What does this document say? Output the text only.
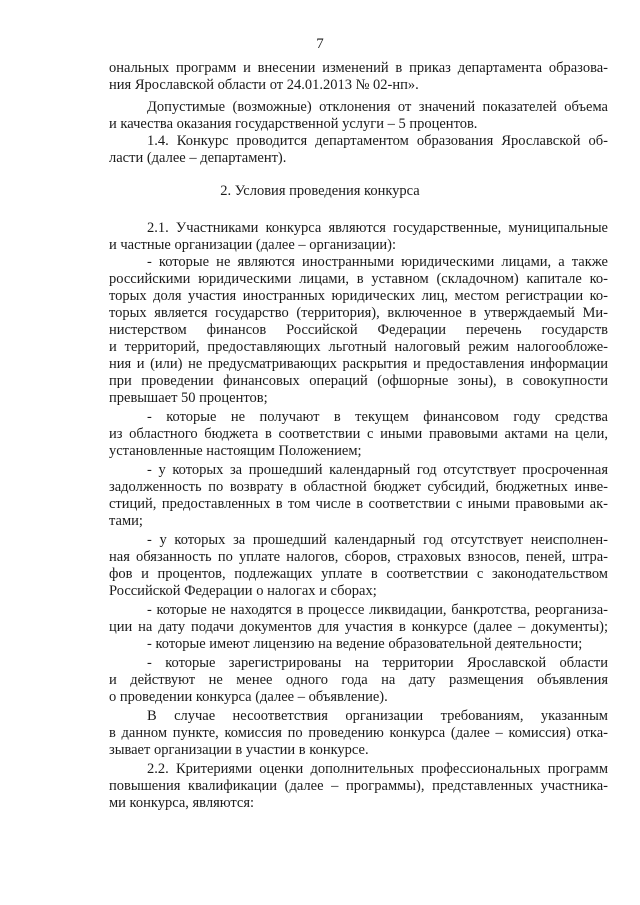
7
ональных программ и внесении изменений в приказ департамента образова-
ния Ярославской области от 24.01.2013 № 02-нп».
Допустимые (возможные) отклонения от значений показателей объема
и качества оказания государственной услуги – 5 процентов.
1.4. Конкурс проводится департаментом образования Ярославской об-
ласти (далее – департамент).
2. Условия проведения конкурса
2.1. Участниками конкурса являются государственные, муниципальные
и частные организации (далее – организации):
- которые не являются иностранными юридическими лицами, а также
российскими юридическими лицами, в уставном (складочном) капитале ко-
торых доля участия иностранных юридических лиц, местом регистрации ко-
торых является государство (территория), включенное в утверждаемый Ми-
нистерством финансов Российской Федерации перечень государств
и территорий, предоставляющих льготный налоговый режим налогообложе-
ния и (или) не предусматривающих раскрытия и предоставления информации
при проведении финансовых операций (офшорные зоны), в совокупности
превышает 50 процентов;
- которые не получают в текущем финансовом году средства
из областного бюджета в соответствии с иными правовыми актами на цели,
установленные настоящим Положением;
- у которых за прошедший календарный год отсутствует просроченная
задолженность по возврату в областной бюджет субсидий, бюджетных инве-
стиций, предоставленных в том числе в соответствии с иными правовыми ак-
тами;
- у которых за прошедший календарный год отсутствует неисполнен-
ная обязанность по уплате налогов, сборов, страховых взносов, пеней, штра-
фов и процентов, подлежащих уплате в соответствии с законодательством
Российской Федерации о налогах и сборах;
- которые не находятся в процессе ликвидации, банкротства, реорганиза-
ции на дату подачи документов для участия в конкурсе (далее – документы);
- которые имеют лицензию на ведение образовательной деятельности;
- которые зарегистрированы на территории Ярославской области
и действуют не менее одного года на дату размещения объявления
о проведении конкурса (далее – объявление).
В случае несоответствия организации требованиям, указанным
в данном пункте, комиссия по проведению конкурса (далее – комиссия) отка-
зывает организации в участии в конкурсе.
2.2. Критериями оценки дополнительных профессиональных программ
повышения квалификации (далее – программы), представленных участника-
ми конкурса, являются:
